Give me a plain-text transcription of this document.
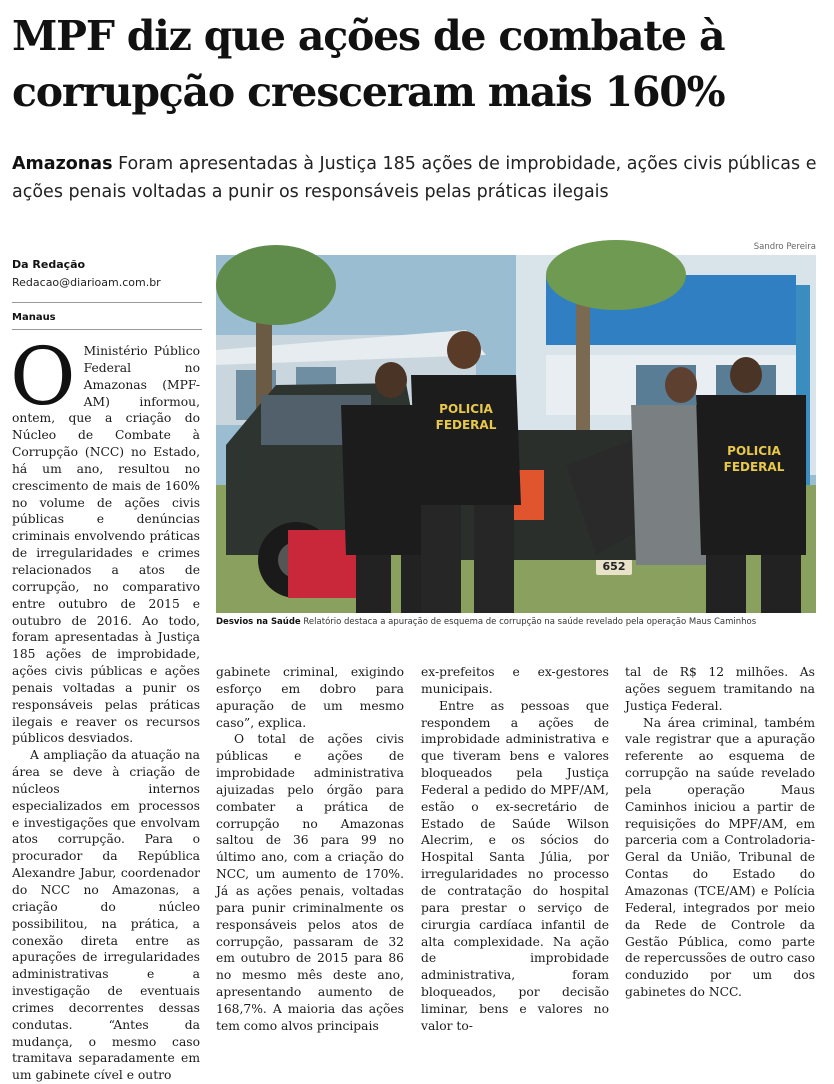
MPF diz que ações de combate à corrupção cresceram mais 160%
Amazonas Foram apresentadas à Justiça 185 ações de improbidade, ações civis públicas e ações penais voltadas a punir os responsáveis pelas práticas ilegais
Da Redação
Redacao@diarioam.com.br
Manaus
Sandro Pereira
652
POLICIA
FEDERAL
POLICIA
FEDERAL
Desvios na Saúde Relatório destaca a apuração de esquema de corrupção na saúde revelado pela operação Maus Caminhos

O Ministério Público Federal no Amazonas (MPF-AM) informou, ontem, que a criação do Núcleo de Combate à Corrupção (NCC) no Estado, há um ano, resultou no crescimento de mais de 160% no volume de ações civis públicas e denúncias criminais envolvendo práticas de irregularidades e crimes relacionados a atos de corrupção, no comparativo entre outubro de 2015 e outubro de 2016. Ao todo, foram apresentadas à Justiça 185 ações de improbidade, ações civis públicas e ações penais voltadas a punir os responsáveis pelas práticas ilegais e reaver os recursos públicos desviados.

A ampliação da atuação na área se deve à criação de núcleos internos especializados em processos e investigações que envolvam atos corrupção. Para o procurador da República Alexandre Jabur, coordenador do NCC no Amazonas, a criação do núcleo possibilitou, na prática, a conexão direta entre as apurações de irregularidades administrativas e a investigação de eventuais crimes decorrentes dessas condutas. “Antes da mudança, o mesmo caso tramitava separadamente em um gabinete cível e outro

gabinete criminal, exigindo esforço em dobro para apuração de um mesmo caso”, explica.

O total de ações civis públicas e ações de improbidade administrativa ajuizadas pelo órgão para combater a prática de corrupção no Amazonas saltou de 36 para 99 no último ano, com a criação do NCC, um aumento de 170%. Já as ações penais, voltadas para punir criminalmente os responsáveis pelos atos de corrupção, passaram de 32 em outubro de 2015 para 86 no mesmo mês deste ano, apresentando aumento de 168,7%. A maioria das ações tem como alvos principais

ex-prefeitos e ex-gestores municipais.

Entre as pessoas que respondem a ações de improbidade administrativa e que tiveram bens e valores bloqueados pela Justiça Federal a pedido do MPF/AM, estão o ex-secretário de Estado de Saúde Wilson Alecrim, e os sócios do Hospital Santa Júlia, por irregularidades no processo de contratação do hospital para prestar o serviço de cirurgia cardíaca infantil de alta complexidade. Na ação de improbidade administrativa, foram bloqueados, por decisão liminar, bens e valores no valor to-

tal de R$ 12 milhões. As ações seguem tramitando na Justiça Federal.

Na área criminal, também vale registrar que a apuração referente ao esquema de corrupção na saúde revelado pela operação Maus Caminhos iniciou a partir de requisições do MPF/AM, em parceria com a Controladoria-Geral da União, Tribunal de Contas do Estado do Amazonas (TCE/AM) e Polícia Federal, integrados por meio da Rede de Controle da Gestão Pública, como parte de repercussões de outro caso conduzido por um dos gabinetes do NCC.
